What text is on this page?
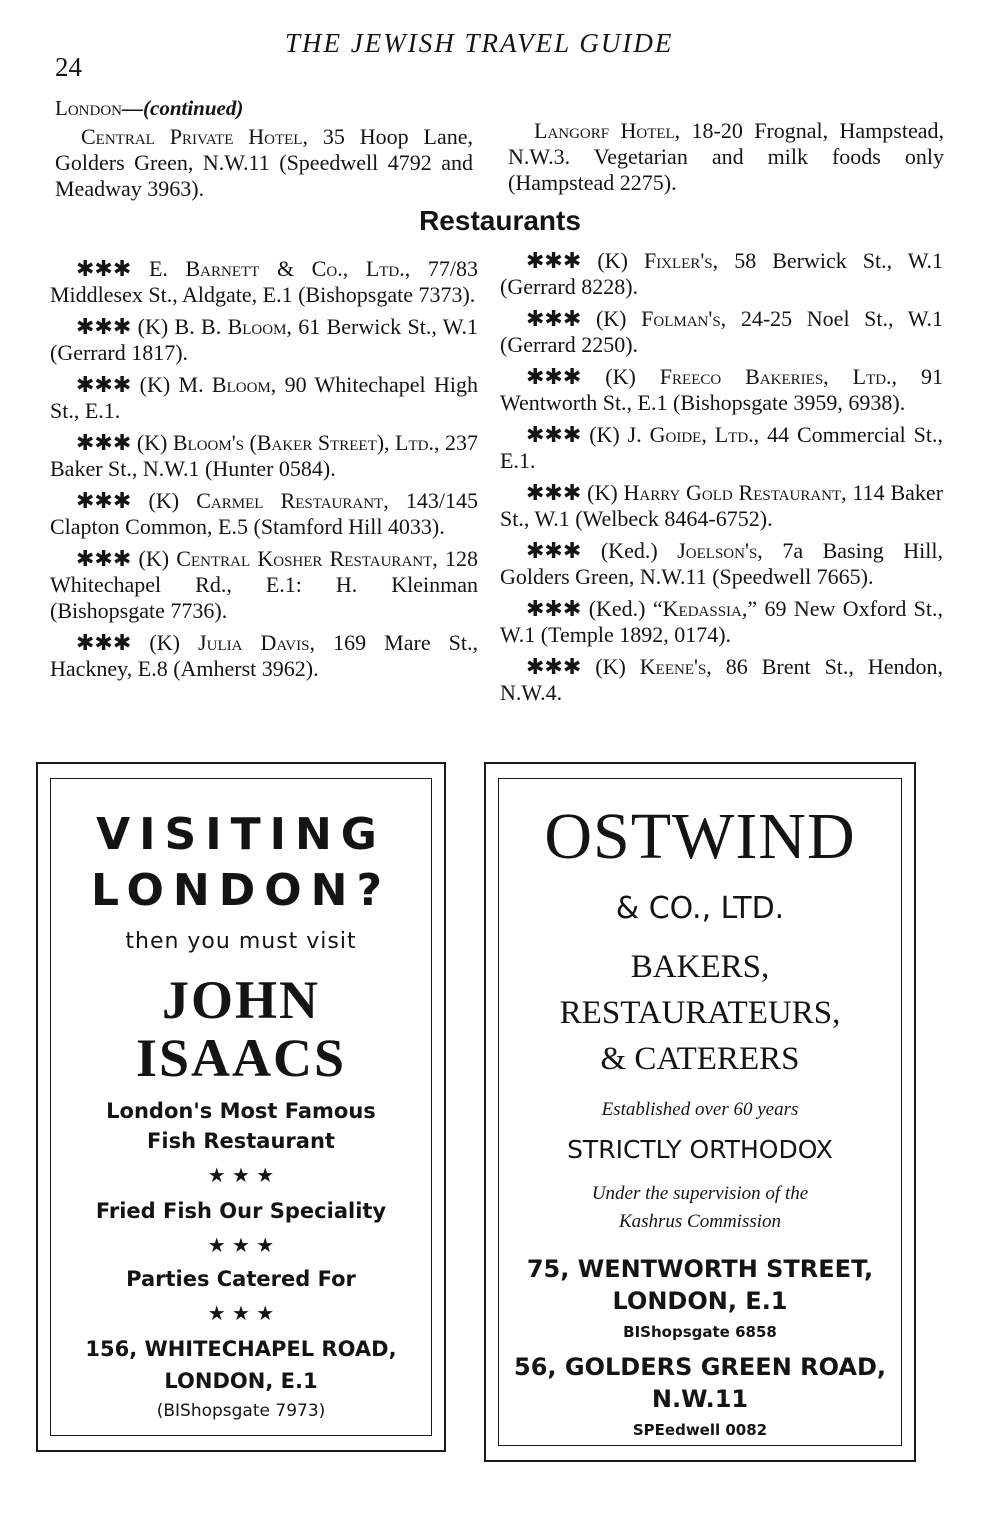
24
THE JEWISH TRAVEL GUIDE
London—(continued)
Central Private Hotel, 35 Hoop Lane, Golders Green, N.W.11 (Speedwell 4792 and Meadway 3963).
Langorf Hotel, 18-20 Frognal, Hampstead, N.W.3. Vegetarian and milk foods only (Hampstead 2275).
Restaurants
✱✱✱ E. Barnett & Co., Ltd., 77/83 Middlesex St., Aldgate, E.1 (Bishopsgate 7373).
✱✱✱ (K) B. B. Bloom, 61 Berwick St., W.1 (Gerrard 1817).
✱✱✱ (K) M. Bloom, 90 Whitechapel High St., E.1.
✱✱✱ (K) Bloom's (Baker Street), Ltd., 237 Baker St., N.W.1 (Hunter 0584).
✱✱✱ (K) Carmel Restaurant, 143/145 Clapton Common, E.5 (Stamford Hill 4033).
✱✱✱ (K) Central Kosher Restaurant, 128 Whitechapel Rd., E.1: H. Kleinman (Bishopsgate 7736).
✱✱✱ (K) Julia Davis, 169 Mare St., Hackney, E.8 (Amherst 3962).
✱✱✱ (K) Fixler's, 58 Berwick St., W.1 (Gerrard 8228).
✱✱✱ (K) Folman's, 24-25 Noel St., W.1 (Gerrard 2250).
✱✱✱ (K) Freeco Bakeries, Ltd., 91 Wentworth St., E.1 (Bishopsgate 3959, 6938).
✱✱✱ (K) J. Goide, Ltd., 44 Commercial St., E.1.
✱✱✱ (K) Harry Gold Restaurant, 114 Baker St., W.1 (Welbeck 8464-6752).
✱✱✱ (Ked.) Joelson's, 7a Basing Hill, Golders Green, N.W.11 (Speedwell 7665).
✱✱✱ (Ked.) “Kedassia,” 69 New Oxford St., W.1 (Temple 1892, 0174).
✱✱✱ (K) Keene's, 86 Brent St., Hendon, N.W.4.
VISITING
LONDON?
then you must visit
JOHN
ISAACS
London's Most Famous
Fish Restaurant
★ ★ ★
Fried Fish Our Speciality
★ ★ ★
Parties Catered For
★ ★ ★
156, WHITECHAPEL ROAD,
LONDON, E.1
(BIShopsgate 7973)
OSTWIND
& CO., LTD.
BAKERS,
RESTAURATEURS,
& CATERERS
Established over 60 years
STRICTLY ORTHODOX
Under the supervision of the
Kashrus Commission
75, WENTWORTH STREET,
LONDON, E.1
BIShopsgate 6858
56, GOLDERS GREEN ROAD,
N.W.11
SPEedwell 0082
